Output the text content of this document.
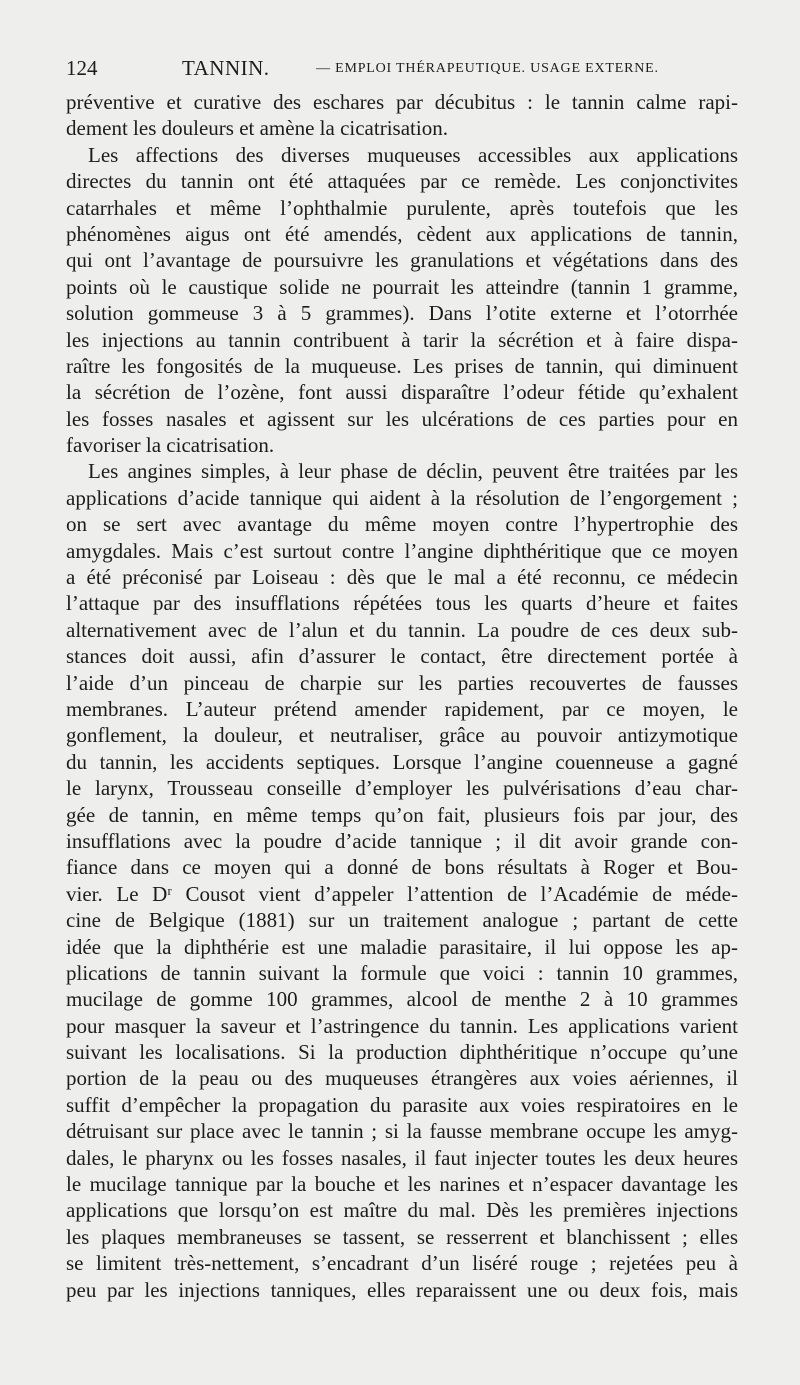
124	TANNIN.	— EMPLOI THÉRAPEUTIQUE. USAGE EXTERNE.
préventive et curative des eschares par décubitus : le tannin calme rapi-
dement les douleurs et amène la cicatrisation.
Les affections des diverses muqueuses accessibles aux applications
directes du tannin ont été attaquées par ce remède. Les conjonctivites
catarrhales et même l’ophthalmie purulente, après toutefois que les
phénomènes aigus ont été amendés, cèdent aux applications de tannin,
qui ont l’avantage de poursuivre les granulations et végétations dans des
points où le caustique solide ne pourrait les atteindre (tannin 1 gramme,
solution gommeuse 3 à 5 grammes). Dans l’otite externe et l’otorrhée
les injections au tannin contribuent à tarir la sécrétion et à faire dispa-
raître les fongosités de la muqueuse. Les prises de tannin, qui diminuent
la sécrétion de l’ozène, font aussi disparaître l’odeur fétide qu’exhalent
les fosses nasales et agissent sur les ulcérations de ces parties pour en
favoriser la cicatrisation.
Les angines simples, à leur phase de déclin, peuvent être traitées par les
applications d’acide tannique qui aident à la résolution de l’engorgement ;
on se sert avec avantage du même moyen contre l’hypertrophie des
amygdales. Mais c’est surtout contre l’angine diphthéritique que ce moyen
a été préconisé par Loiseau : dès que le mal a été reconnu, ce médecin
l’attaque par des insufflations répétées tous les quarts d’heure et faites
alternativement avec de l’alun et du tannin. La poudre de ces deux sub-
stances doit aussi, afin d’assurer le contact, être directement portée à
l’aide d’un pinceau de charpie sur les parties recouvertes de fausses
membranes. L’auteur prétend amender rapidement, par ce moyen, le
gonflement, la douleur, et neutraliser, grâce au pouvoir antizymotique
du tannin, les accidents septiques. Lorsque l’angine couenneuse a gagné
le larynx, Trousseau conseille d’employer les pulvérisations d’eau char-
gée de tannin, en même temps qu’on fait, plusieurs fois par jour, des
insufflations avec la poudre d’acide tannique ; il dit avoir grande con-
fiance dans ce moyen qui a donné de bons résultats à Roger et Bou-
vier. Le Dʳ Cousot vient d’appeler l’attention de l’Académie de méde-
cine de Belgique (1881) sur un traitement analogue ; partant de cette
idée que la diphthérie est une maladie parasitaire, il lui oppose les ap-
plications de tannin suivant la formule que voici : tannin 10 grammes,
mucilage de gomme 100 grammes, alcool de menthe 2 à 10 grammes
pour masquer la saveur et l’astringence du tannin. Les applications varient
suivant les localisations. Si la production diphthéritique n’occupe qu’une
portion de la peau ou des muqueuses étrangères aux voies aériennes, il
suffit d’empêcher la propagation du parasite aux voies respiratoires en le
détruisant sur place avec le tannin ; si la fausse membrane occupe les amyg-
dales, le pharynx ou les fosses nasales, il faut injecter toutes les deux heures
le mucilage tannique par la bouche et les narines et n’espacer davantage les
applications que lorsqu’on est maître du mal. Dès les premières injections
les plaques membraneuses se tassent, se resserrent et blanchissent ; elles
se limitent très-nettement, s’encadrant d’un liséré rouge ; rejetées peu à
peu par les injections tanniques, elles reparaissent une ou deux fois, mais
